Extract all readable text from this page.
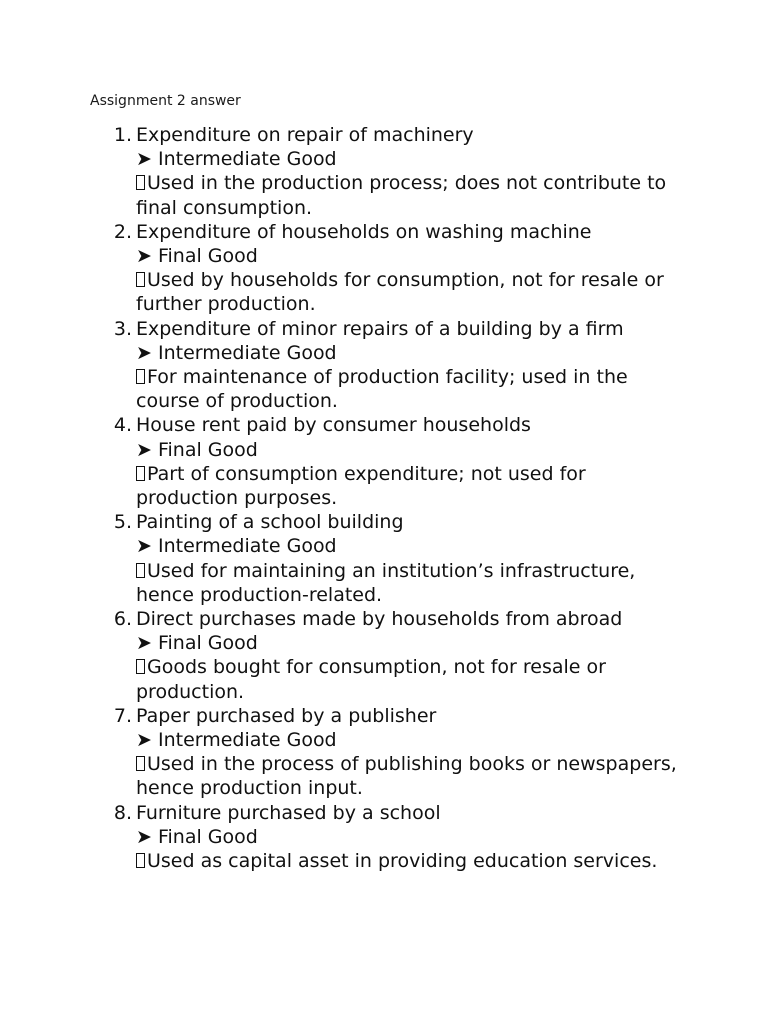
Assignment 2 answer
1. Expenditure on repair of machinery
➤ Intermediate Good
Used in the production process; does not contribute to final consumption.
2. Expenditure of households on washing machine
➤ Final Good
Used by households for consumption, not for resale or further production.
3. Expenditure of minor repairs of a building by a firm
➤ Intermediate Good
For maintenance of production facility; used in the course of production.
4. House rent paid by consumer households
➤ Final Good
Part of consumption expenditure; not used for production purposes.
5. Painting of a school building
➤ Intermediate Good
Used for maintaining an institution’s infrastructure, hence production-related.
6. Direct purchases made by households from abroad
➤ Final Good
Goods bought for consumption, not for resale or production.
7. Paper purchased by a publisher
➤ Intermediate Good
Used in the process of publishing books or newspapers, hence production input.
8. Furniture purchased by a school
➤ Final Good
Used as capital asset in providing education services.
